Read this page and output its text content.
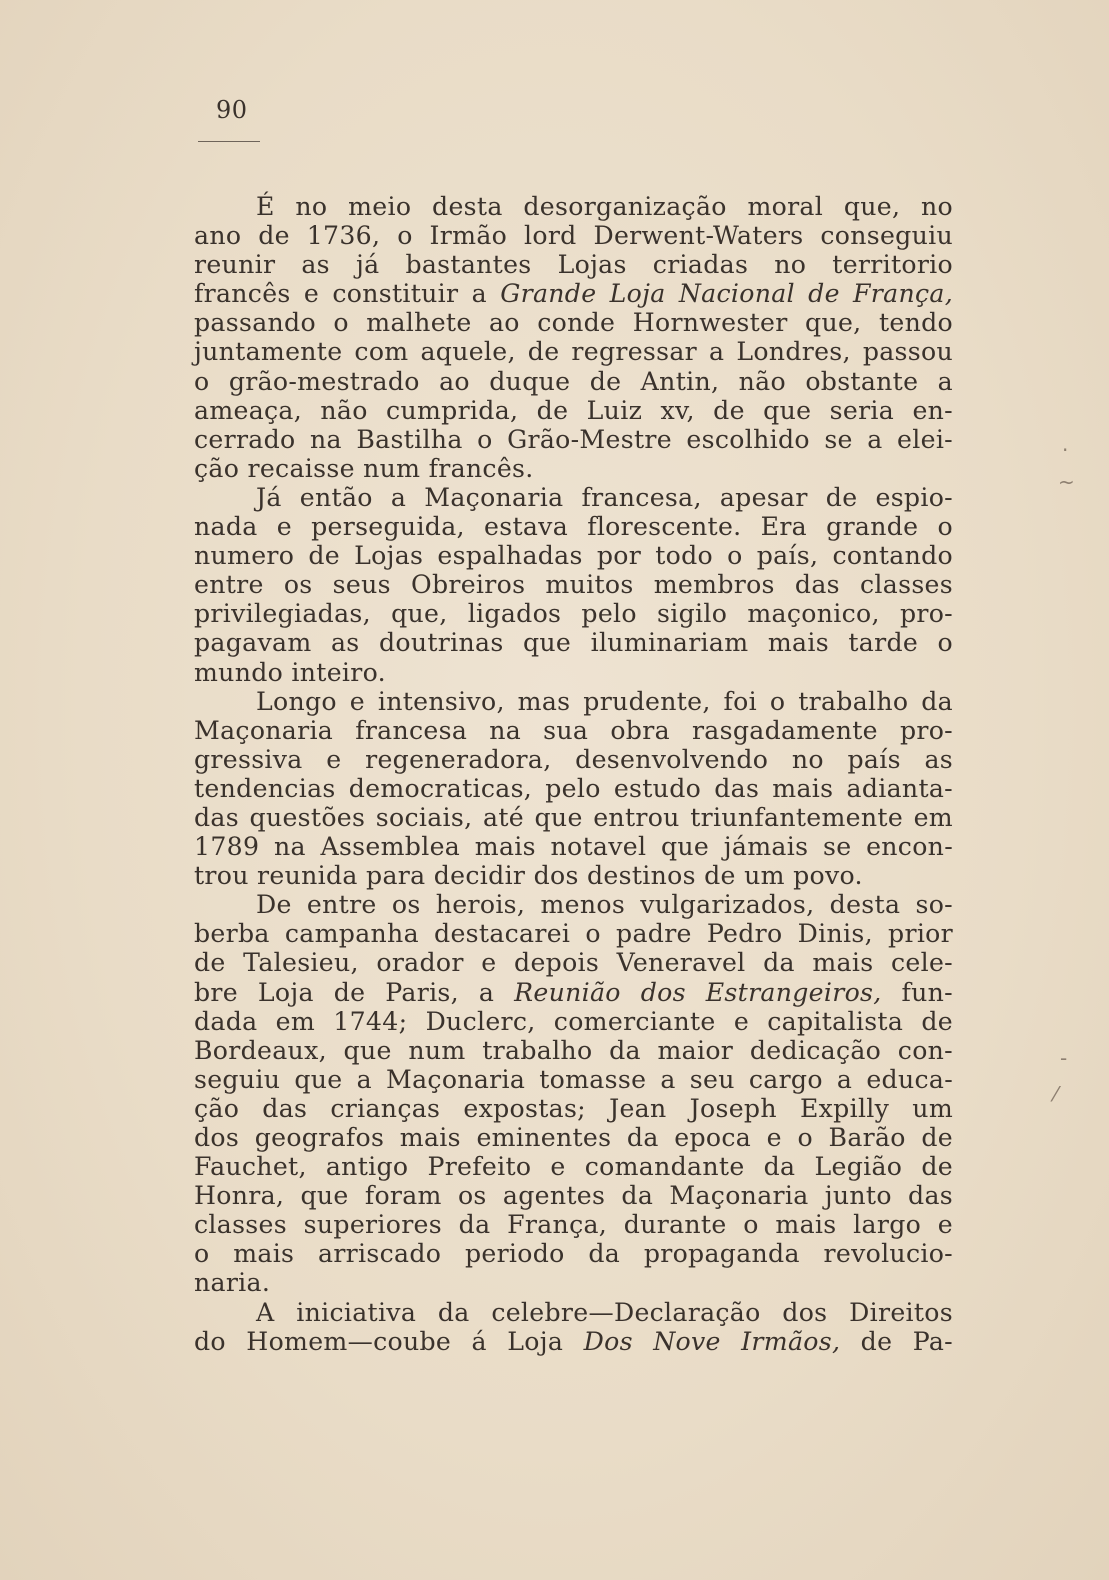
90
É no meio desta desorganização moral que, no
ano de 1736, o Irmão lord Derwent-Waters conseguiu
reunir as já bastantes Lojas criadas no territorio
francês e constituir a Grande Loja Nacional de França,
passando o malhete ao conde Hornwester que, tendo
juntamente com aquele, de regressar a Londres, passou
o grão-mestrado ao duque de Antin, não obstante a
ameaça, não cumprida, de Luiz xv, de que seria en-
cerrado na Bastilha o Grão-Mestre escolhido se a elei-
ção recaisse num francês.
Já então a Maçonaria francesa, apesar de espio-
nada e perseguida, estava florescente. Era grande o
numero de Lojas espalhadas por todo o país, contando
entre os seus Obreiros muitos membros das classes
privilegiadas, que, ligados pelo sigilo maçonico, pro-
pagavam as doutrinas que iluminariam mais tarde o
mundo inteiro.
Longo e intensivo, mas prudente, foi o trabalho da
Maçonaria francesa na sua obra rasgadamente pro-
gressiva e regeneradora, desenvolvendo no país as
tendencias democraticas, pelo estudo das mais adianta-
das questões sociais, até que entrou triunfantemente em
1789 na Assemblea mais notavel que jámais se encon-
trou reunida para decidir dos destinos de um povo.
De entre os herois, menos vulgarizados, desta so-
berba campanha destacarei o padre Pedro Dinis, prior
de Talesieu, orador e depois Veneravel da mais cele-
bre Loja de Paris, a Reunião dos Estrangeiros, fun-
dada em 1744; Duclerc, comerciante e capitalista de
Bordeaux, que num trabalho da maior dedicação con-
seguiu que a Maçonaria tomasse a seu cargo a educa-
ção das crianças expostas; Jean Joseph Expilly um
dos geografos mais eminentes da epoca e o Barão de
Fauchet, antigo Prefeito e comandante da Legião de
Honra, que foram os agentes da Maçonaria junto das
classes superiores da França, durante o mais largo e
o mais arriscado periodo da propaganda revolucio-
naria.
A iniciativa da celebre—Declaração dos Direitos
do Homem—coube á Loja Dos Nove Irmãos, de Pa-
·
~
-
⁄
